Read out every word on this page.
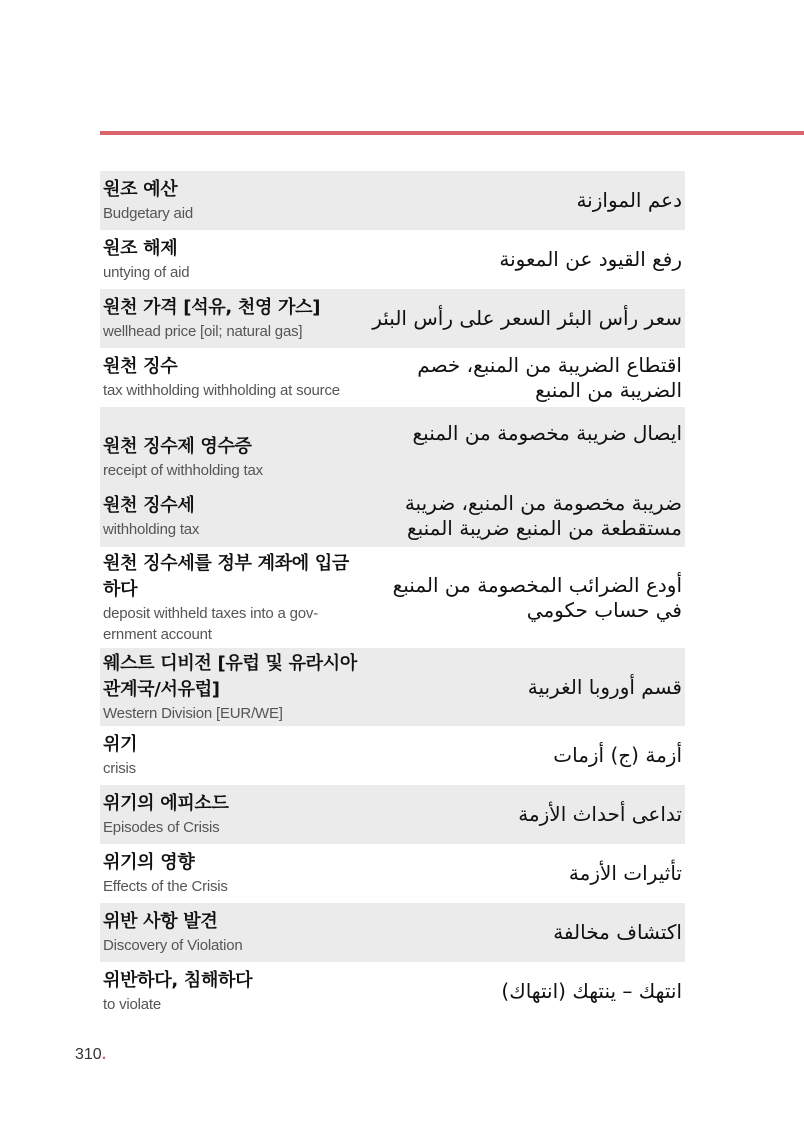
원조 예산
Budgetary aid
دعم الموازنة
원조 해제
untying of aid
رفع القيود عن المعونة
원천 가격 [석유, 천영 가스]
wellhead price [oil; natural gas]
سعر رأس البئر السعر على رأس البئر
원천 징수
tax withholding withholding at source
اقتطاع الضريبة من المنبع، خصم الضريبة من المنبع
원천 징수제 영수증
receipt of withholding tax
ايصال ضريبة مخصومة من المنبع
원천 징수세
withholding tax
ضريبة مخصومة من المنبع، ضريبة مستقطعة من المنبع ضريبة المنبع
원천 징수세를 정부 계좌에 입금하다
deposit withheld taxes into a gov-ernment account
أودع الضرائب المخصومة من المنبع في حساب حكومي
웨스트 디비전 [유럽 및 유라시아 관계국/서유럽]
Western Division [EUR/WE]
قسم أوروبا الغربية
위기
crisis
أزمة (ج) أزمات
위기의 에피소드
Episodes of Crisis
تداعى أحداث الأزمة
위기의 영향
Effects of the Crisis
تأثيرات الأزمة
위반 사항 발견
Discovery of Violation
اكتشاف مخالفة
위반하다, 침해하다
to violate
انتهك – ينتهك (انتهاك)
310.
